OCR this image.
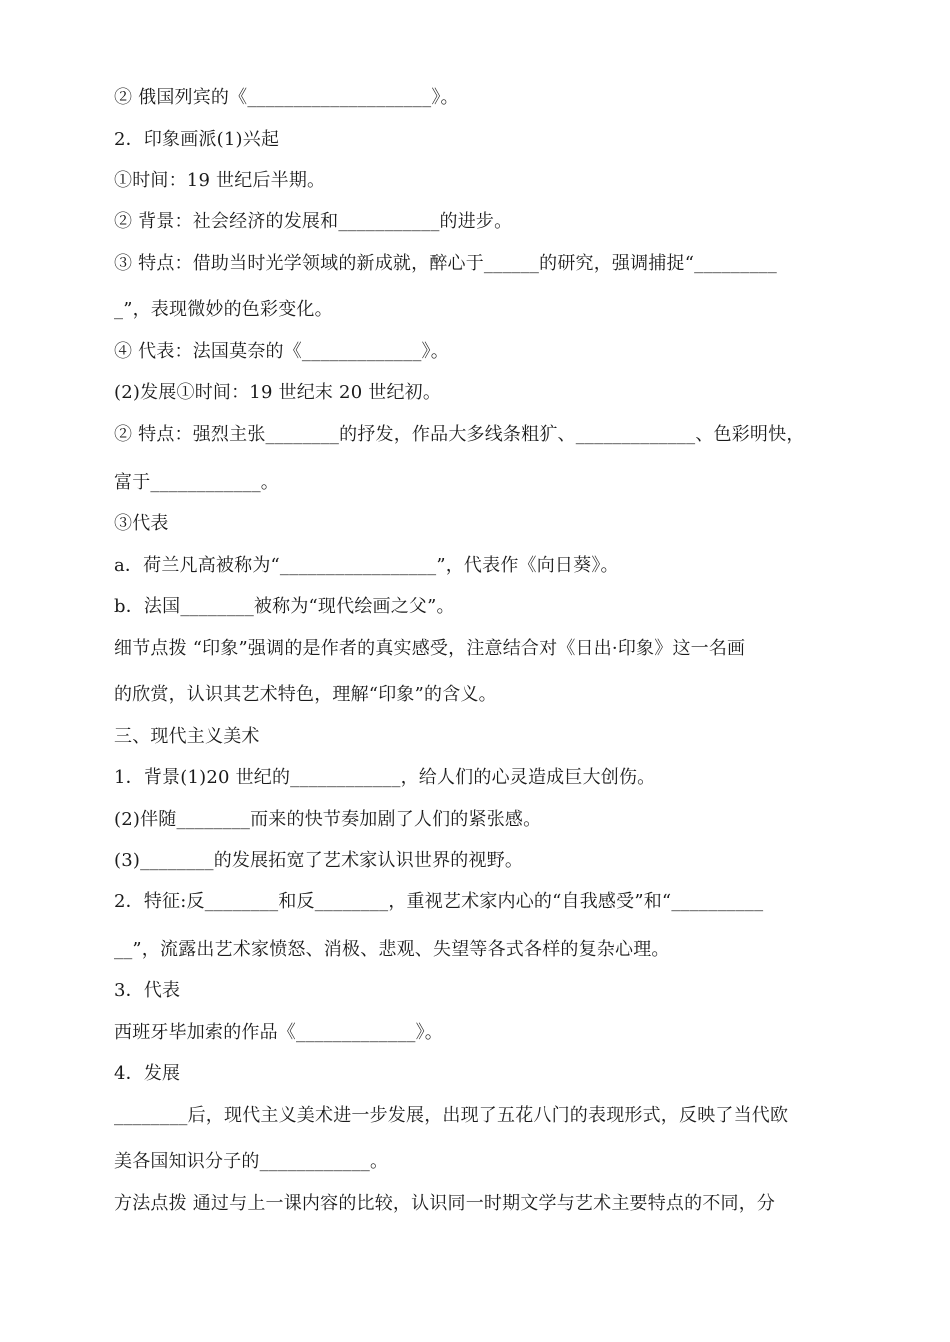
② 俄国列宾的《____________________》。
2．印象画派(1)兴起
①时间：19 世纪后半期。
② 背景：社会经济的发展和___________的进步。
③ 特点：借助当时光学领域的新成就，醉心于______的研究，强调捕捉“_________
_”，表现微妙的色彩变化。
④ 代表：法国莫奈的《_____________》。
(2)发展①时间：19 世纪末 20 世纪初。
② 特点：强烈主张________的抒发，作品大多线条粗犷、_____________、色彩明快，
富于____________。
③代表
a．荷兰凡高被称为“_________________”，代表作《向日葵》。
b．法国________被称为“现代绘画之父”。
细节点拨 “印象”强调的是作者的真实感受，注意结合对《日出·印象》这一名画
的欣赏，认识其艺术特色，理解“印象”的含义。
三、现代主义美术
1．背景(1)20 世纪的____________，给人们的心灵造成巨大创伤。
(2)伴随________而来的快节奏加剧了人们的紧张感。
(3)________的发展拓宽了艺术家认识世界的视野。
2．特征:反________和反________，重视艺术家内心的“自我感受”和“__________
__”，流露出艺术家愤怒、消极、悲观、失望等各式各样的复杂心理。
3．代表
西班牙毕加索的作品《_____________》。
4．发展
________后，现代主义美术进一步发展，出现了五花八门的表现形式，反映了当代欧
美各国知识分子的____________。
方法点拨 通过与上一课内容的比较，认识同一时期文学与艺术主要特点的不同，分
